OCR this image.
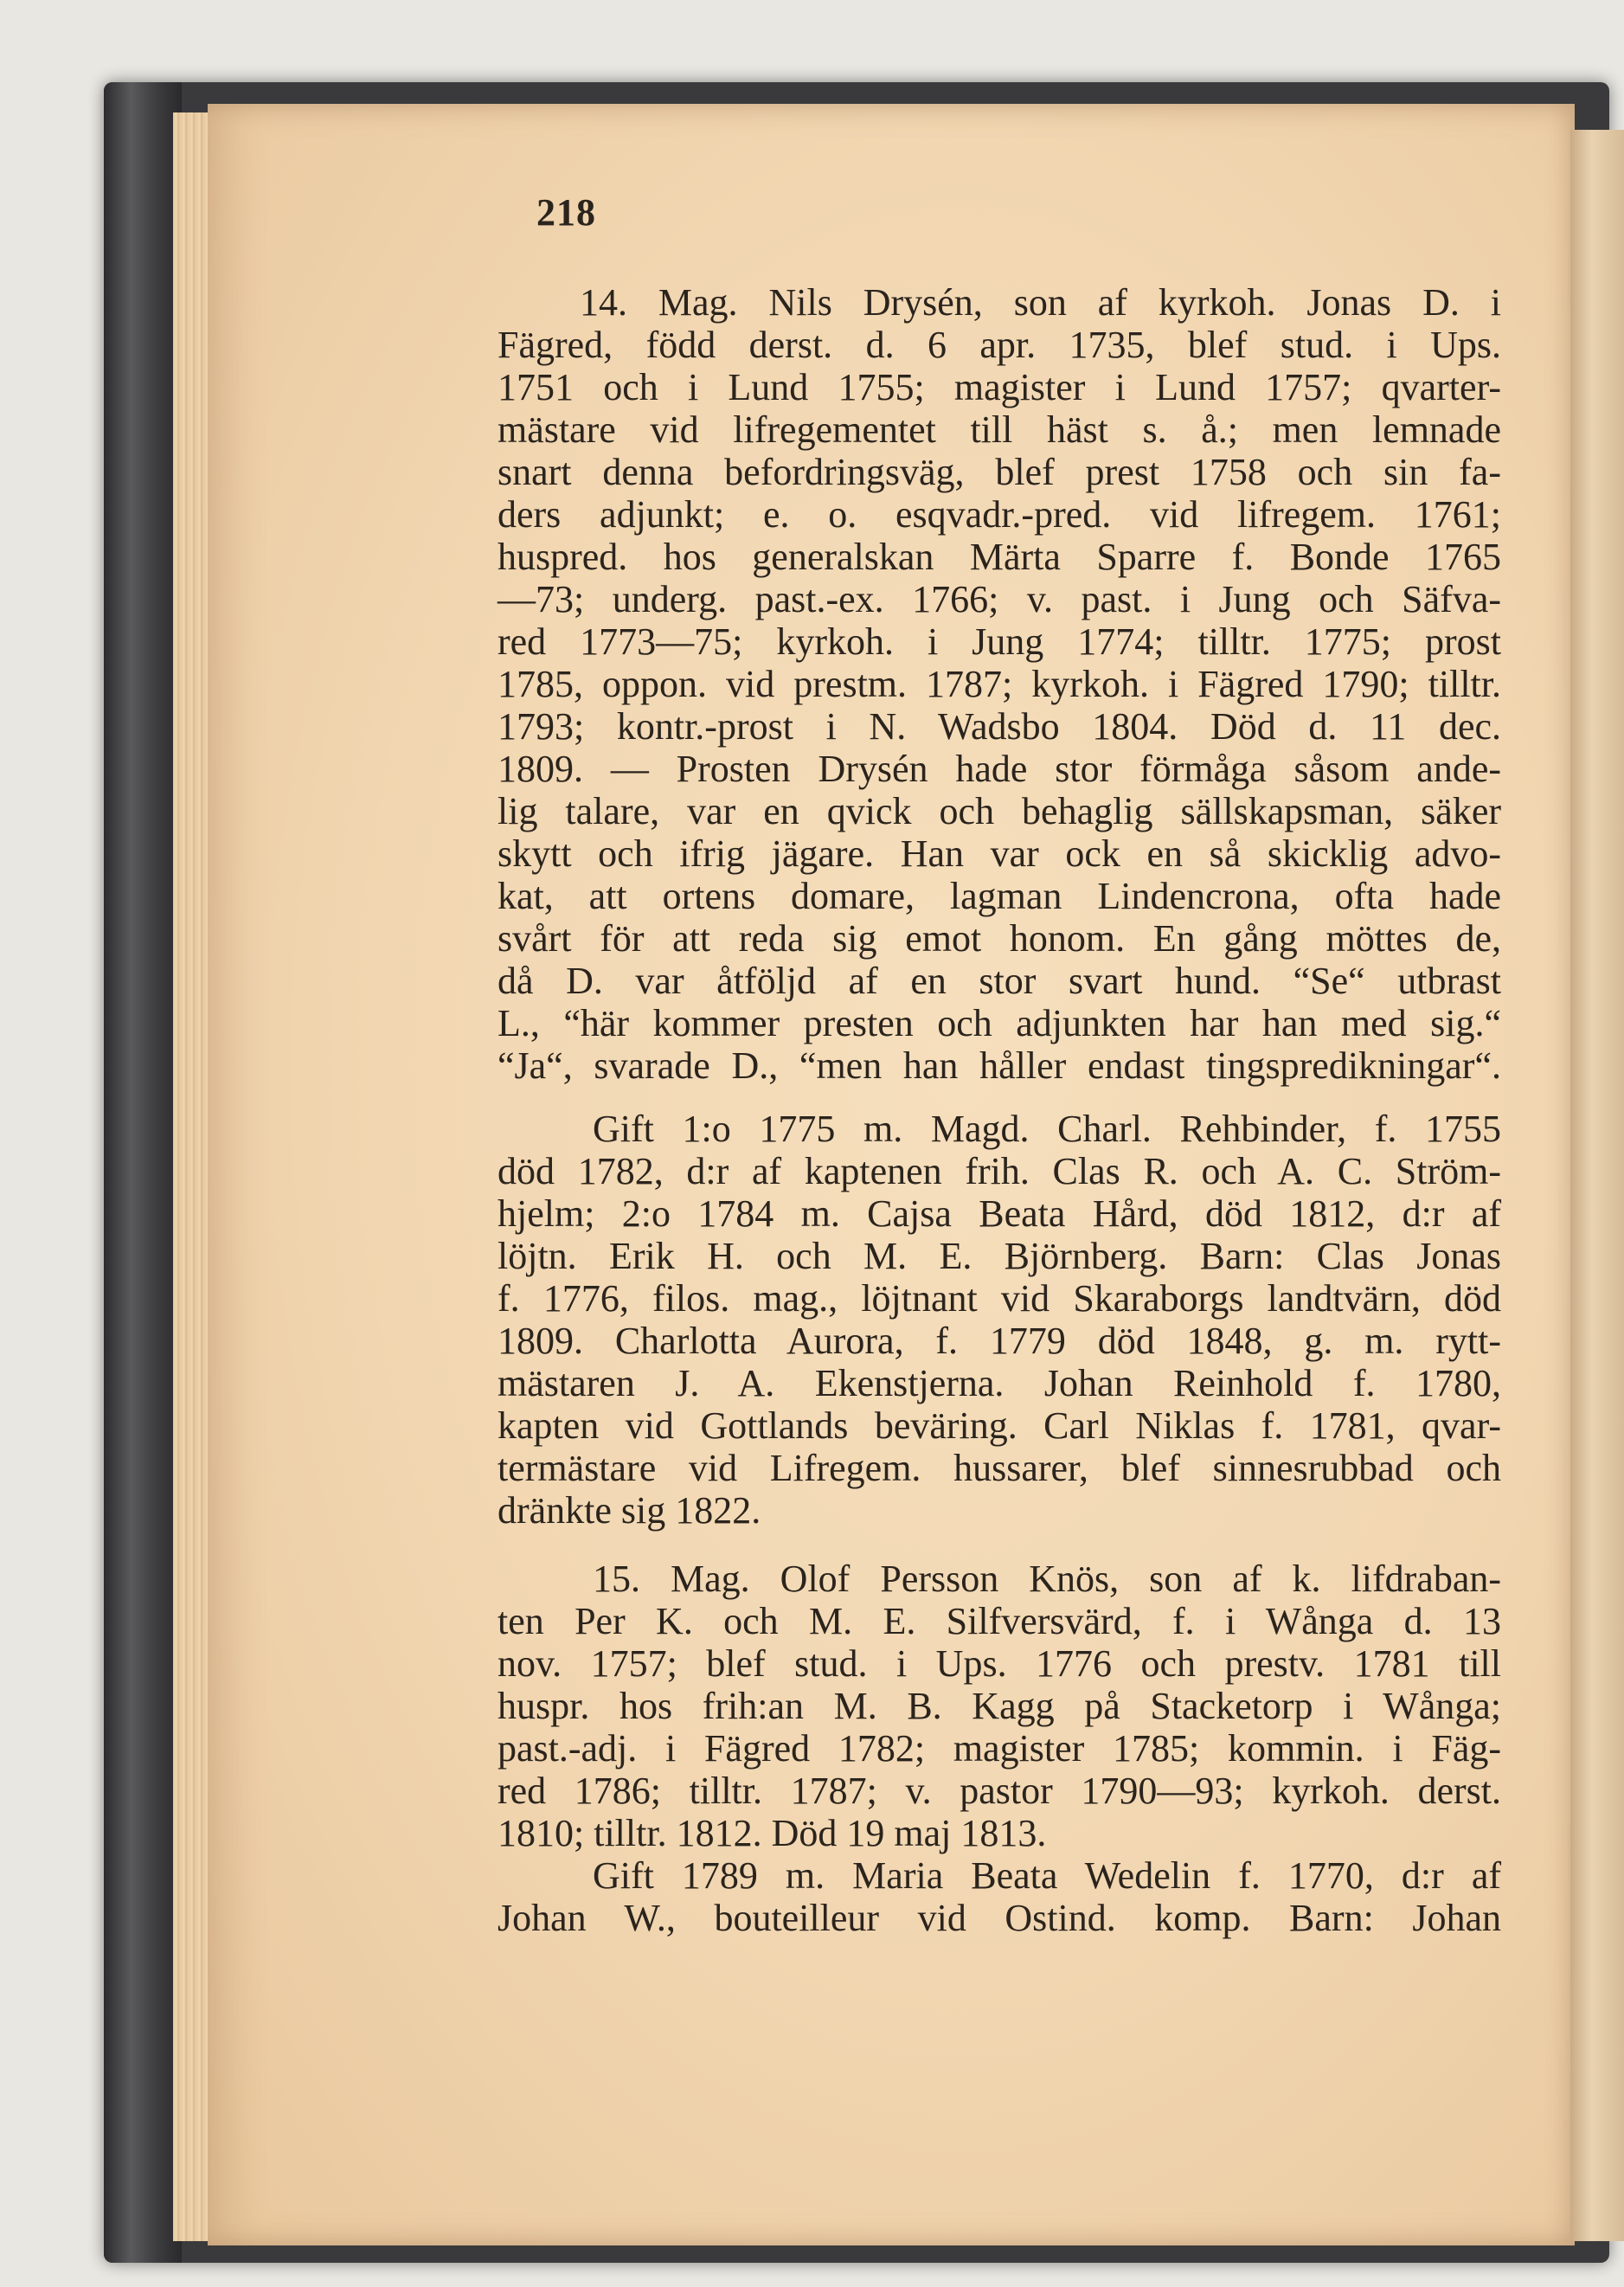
218
14. Mag. Nils Drysén, son af kyrkoh. Jonas D. i
Fägred, född derst. d. 6 apr. 1735, blef stud. i Ups.
1751 och i Lund 1755; magister i Lund 1757; qvarter-
mästare vid lifregementet till häst s. å.; men lemnade
snart denna befordringsväg, blef prest 1758 och sin fa-
ders adjunkt; e. o. esqvadr.-pred. vid lifregem. 1761;
huspred. hos generalskan Märta Sparre f. Bonde 1765
—73; underg. past.-ex. 1766; v. past. i Jung och Säfva-
red 1773—75; kyrkoh. i Jung 1774; tilltr. 1775; prost
1785, oppon. vid prestm. 1787; kyrkoh. i Fägred 1790; tilltr.
1793; kontr.-prost i N. Wadsbo 1804. Död d. 11 dec.
1809. — Prosten Drysén hade stor förmåga såsom ande-
lig talare, var en qvick och behaglig sällskapsman, säker
skytt och ifrig jägare. Han var ock en så skicklig advo-
kat, att ortens domare, lagman Lindencrona, ofta hade
svårt för att reda sig emot honom. En gång möttes de,
då D. var åtföljd af en stor svart hund. “Se“ utbrast
L., “här kommer presten och adjunkten har han med sig.“
“Ja“, svarade D., “men han håller endast tingspredikningar“.
Gift 1:o 1775 m. Magd. Charl. Rehbinder, f. 1755
död 1782, d:r af kaptenen frih. Clas R. och A. C. Ström-
hjelm; 2:o 1784 m. Cajsa Beata Hård, död 1812, d:r af
löjtn. Erik H. och M. E. Björnberg. Barn: Clas Jonas
f. 1776, filos. mag., löjtnant vid Skaraborgs landtvärn, död
1809. Charlotta Aurora, f. 1779 död 1848, g. m. rytt-
mästaren J. A. Ekenstjerna. Johan Reinhold f. 1780,
kapten vid Gottlands beväring. Carl Niklas f. 1781, qvar-
termästare vid Lifregem. hussarer, blef sinnesrubbad och
dränkte sig 1822.
15. Mag. Olof Persson Knös, son af k. lifdraban-
ten Per K. och M. E. Silfversvärd, f. i Wånga d. 13
nov. 1757; blef stud. i Ups. 1776 och prestv. 1781 till
huspr. hos frih:an M. B. Kagg på Stacketorp i Wånga;
past.-adj. i Fägred 1782; magister 1785; kommin. i Fäg-
red 1786; tilltr. 1787; v. pastor 1790—93; kyrkoh. derst.
1810; tilltr. 1812. Död 19 maj 1813.
Gift 1789 m. Maria Beata Wedelin f. 1770, d:r af
Johan W., bouteilleur vid Ostind. komp. Barn: Johan
